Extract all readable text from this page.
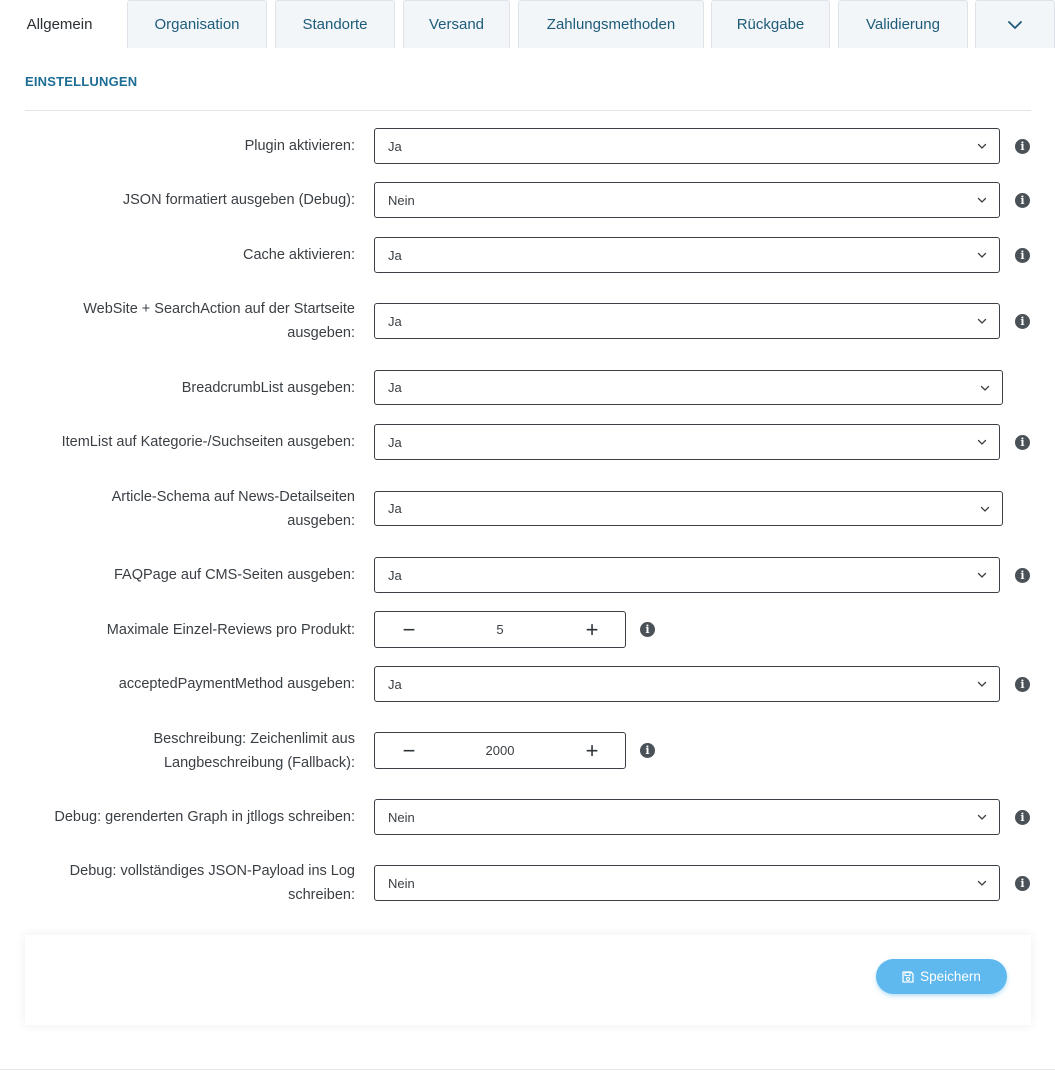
Allgemein	Organisation	Standorte	Versand	Zahlungsmethoden	Rückgabe	Validierung
EINSTELLUNGEN
Plugin aktivieren:	Ja	i
JSON formatiert ausgeben (Debug):	Nein	i
Cache aktivieren:	Ja	i
WebSite + SearchAction auf der Startseite
ausgeben:
Ja	i
BreadcrumbList ausgeben:	Ja
ItemList auf Kategorie-/Suchseiten ausgeben:	Ja	i
Article-Schema auf News-Detailseiten
ausgeben:
Ja
FAQPage auf CMS-Seiten ausgeben:	Ja	i
Maximale Einzel-Reviews pro Produkt:	−	5	+	i
acceptedPaymentMethod ausgeben:	Ja	i
Beschreibung: Zeichenlimit aus
Langbeschreibung (Fallback):	−	2000	+	i
Debug: gerenderten Graph in jtllogs schreiben:	Nein	i
Debug: vollständiges JSON-Payload ins Log
schreiben:
Nein	i
Speichern
